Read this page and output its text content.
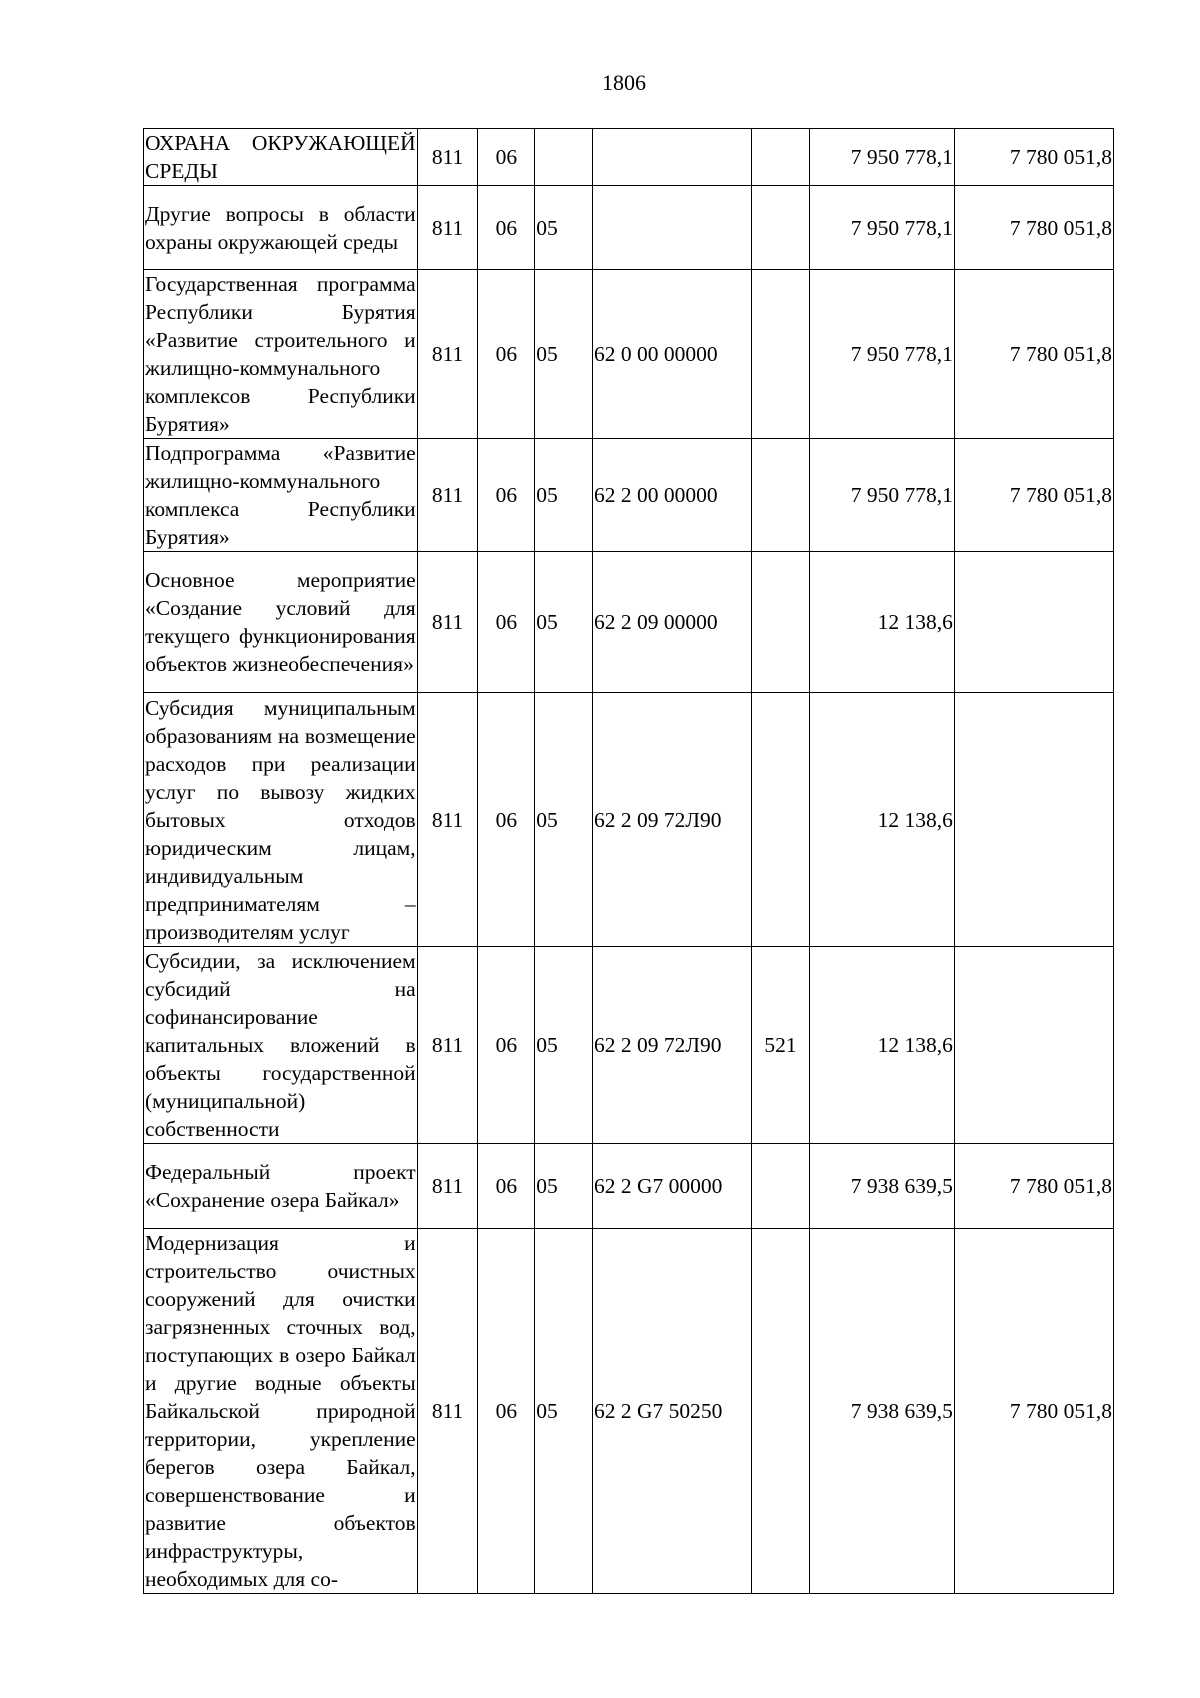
1806
ОХРАНА ОКРУЖАЮЩЕЙ СРЕДЫ	811	06				7 950 778,1	7 780 051,8
Другие вопросы в области охраны окружающей среды	811	06	05			7 950 778,1	7 780 051,8
Государственная программа Республики Бурятия «Развитие строительного и жилищно-коммунального комплексов Республики Бурятия»	811	06	05	62 0 00 00000		7 950 778,1	7 780 051,8
Подпрограмма «Развитие жилищно-коммунального комплекса Республики Бурятия»	811	06	05	62 2 00 00000		7 950 778,1	7 780 051,8
Основное мероприятие «Создание условий для текущего функционирования объектов жизнеобеспечения»	811	06	05	62 2 09 00000		12 138,6	
Субсидия муниципальным образованиям на возмещение расходов при реализации услуг по вывозу жидких бытовых отходов юридическим лицам, индивидуальным предпринимателям – производителям услуг	811	06	05	62 2 09 72Л90		12 138,6	
Субсидии, за исключением субсидий на софинансирование капитальных вложений в объекты государственной (муниципальной) собственности	811	06	05	62 2 09 72Л90	521	12 138,6	
Федеральный проект «Сохранение озера Байкал»	811	06	05	62 2 G7 00000		7 938 639,5	7 780 051,8
Модернизация и строительство очистных сооружений для очистки загрязненных сточных вод, поступающих в озеро Байкал и другие водные объекты Байкальской природной территории, укрепление берегов озера Байкал, совершенствование и развитие объектов инфраструктуры, необходимых для со-	811	06	05	62 2 G7 50250		7 938 639,5	7 780 051,8
